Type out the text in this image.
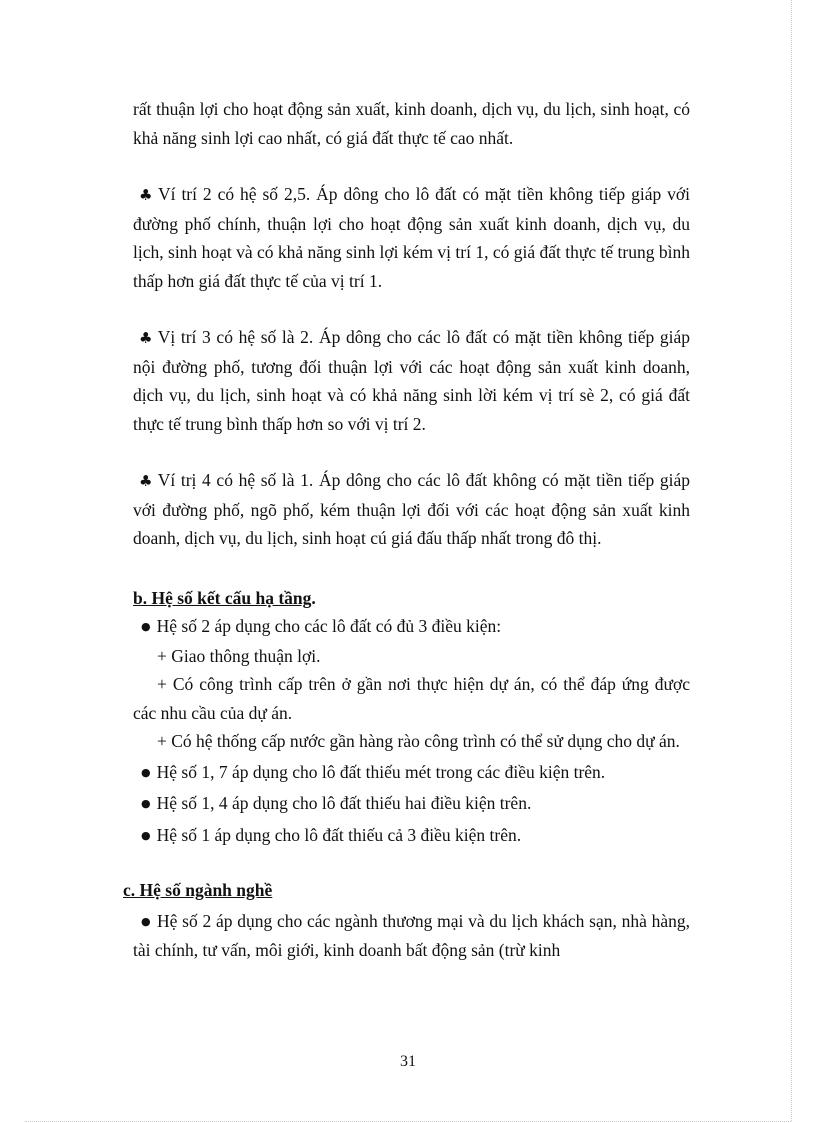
rất thuận lợi cho hoạt động sản xuất, kinh doanh, dịch vụ, du lịch, sinh hoạt, có khả năng sinh lợi cao nhất, có giá đất thực tế cao nhất.

♣ Ví trí 2 có hệ số 2,5. Áp dông cho lô đất có mặt tiền không tiếp giáp với đường phố chính, thuận lợi cho hoạt động sản xuất kinh doanh, dịch vụ, du lịch, sinh hoạt và có khả năng sinh lợi kém vị trí 1, có giá đất thực tế trung bình thấp hơn giá đất thực tế của vị trí 1.

♣ Vị trí 3 có hệ số là 2. Áp dông cho các lô đất có mặt tiền không tiếp giáp nội đường phố, tương đối thuận lợi với các hoạt động sản xuất kinh doanh, dịch vụ, du lịch, sinh hoạt và có khả năng sinh lời kém vị trí sè 2, có giá đất thực tế trung bình thấp hơn so với vị trí 2.

♣ Ví trị 4 có hệ số là 1. Áp dông cho các lô đất không có mặt tiền tiếp giáp với đường phố, ngõ phố, kém thuận lợi đối với các hoạt động sản xuất kinh doanh, dịch vụ, du lịch, sinh hoạt cú giá đấu thấp nhất trong đô thị.

b. Hệ số kết cấu hạ tầng.

● Hệ số 2 áp dụng cho các lô đất có đủ 3 điều kiện:

+ Giao thông thuận lợi.

+ Có công trình cấp trên ở gần nơi thực hiện dự án, có thể đáp ứng được các nhu cầu của dự án.

+ Có hệ thống cấp nước gần hàng rào công trình có thể sử dụng cho dự án.

● Hệ số 1, 7 áp dụng cho lô đất thiếu mét trong các điều kiện trên.

● Hệ số 1, 4 áp dụng cho lô đất thiếu hai điều kiện trên.

● Hệ số 1 áp dụng cho lô đất thiếu cả 3 điều kiện trên.

c. Hệ số ngành nghề

● Hệ số 2 áp dụng cho các ngành thương mại và du lịch khách sạn, nhà hàng, tài chính, tư vấn, môi giới, kinh doanh bất động sản (trừ kinh

31
